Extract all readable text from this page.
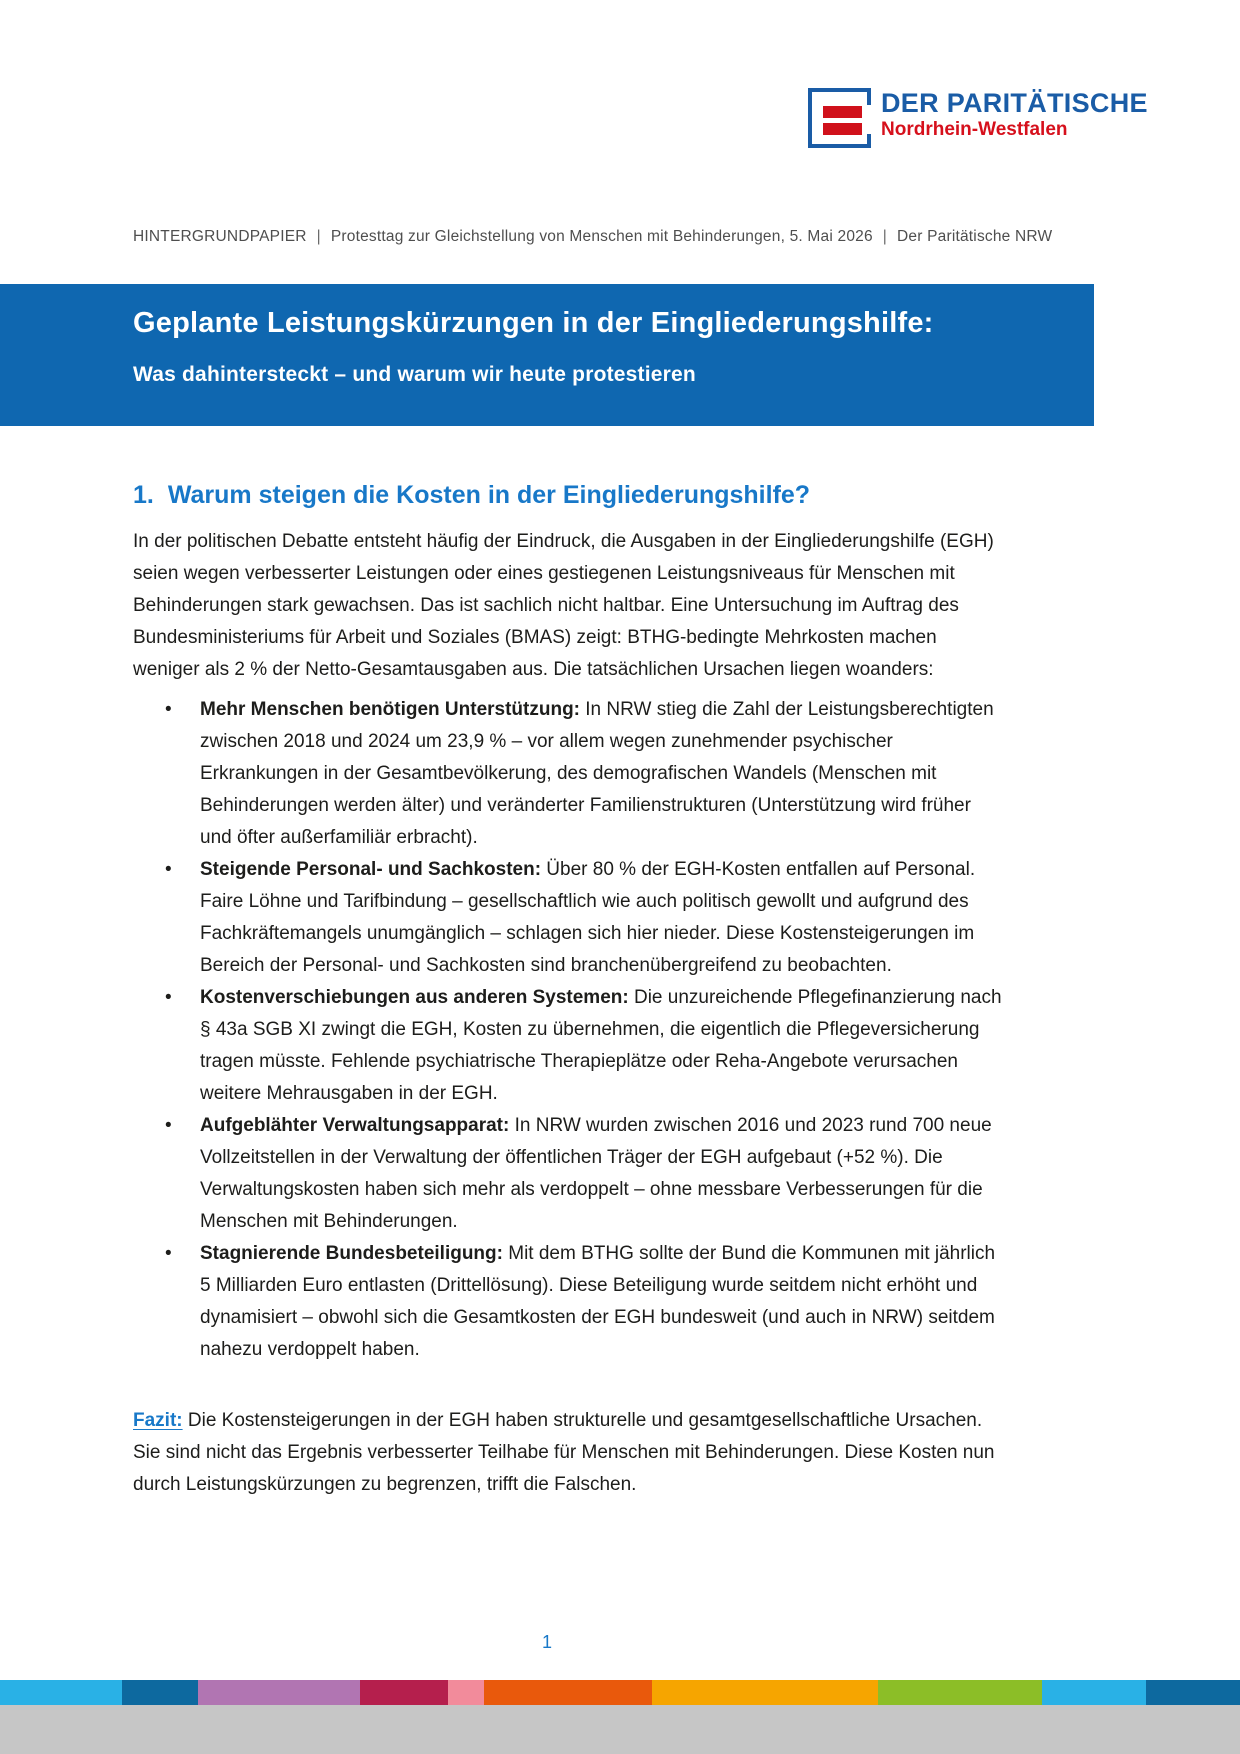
DER PARITÄTISCHE
Nordrhein-Westfalen
HINTERGRUNDPAPIER | Protesttag zur Gleichstellung von Menschen mit Behinderungen, 5. Mai 2026 | Der Paritätische NRW
Geplante Leistungskürzungen in der Eingliederungshilfe:
Was dahintersteckt – und warum wir heute protestieren
1. Warum steigen die Kosten in der Eingliederungshilfe?

In der politischen Debatte entsteht häufig der Eindruck, die Ausgaben in der Eingliederungshilfe (EGH) seien wegen verbesserter Leistungen oder eines gestiegenen Leistungsniveaus für Menschen mit Behinderungen stark gewachsen. Das ist sachlich nicht haltbar. Eine Untersuchung im Auftrag des Bundesministeriums für Arbeit und Soziales (BMAS) zeigt: BTHG-bedingte Mehrkosten machen weniger als 2 % der Netto-Gesamtausgaben aus. Die tatsächlichen Ursachen liegen woanders:

• Mehr Menschen benötigen Unterstützung: In NRW stieg die Zahl der Leistungsberechtigten zwischen 2018 und 2024 um 23,9 % – vor allem wegen zunehmender psychischer Erkrankungen in der Gesamtbevölkerung, des demografischen Wandels (Menschen mit Behinderungen werden älter) und veränderter Familienstrukturen (Unterstützung wird früher und öfter außerfamiliär erbracht).
• Steigende Personal- und Sachkosten: Über 80 % der EGH-Kosten entfallen auf Personal. Faire Löhne und Tarifbindung – gesellschaftlich wie auch politisch gewollt und aufgrund des Fachkräftemangels unumgänglich – schlagen sich hier nieder. Diese Kostensteigerungen im Bereich der Personal- und Sachkosten sind branchenübergreifend zu beobachten.
• Kostenverschiebungen aus anderen Systemen: Die unzureichende Pflegefinanzierung nach § 43a SGB XI zwingt die EGH, Kosten zu übernehmen, die eigentlich die Pflegeversicherung tragen müsste. Fehlende psychiatrische Therapieplätze oder Reha-Angebote verursachen weitere Mehrausgaben in der EGH.
• Aufgeblähter Verwaltungsapparat: In NRW wurden zwischen 2016 und 2023 rund 700 neue Vollzeitstellen in der Verwaltung der öffentlichen Träger der EGH aufgebaut (+52 %). Die Verwaltungskosten haben sich mehr als verdoppelt – ohne messbare Verbesserungen für die Menschen mit Behinderungen.
• Stagnierende Bundesbeteiligung: Mit dem BTHG sollte der Bund die Kommunen mit jährlich 5 Milliarden Euro entlasten (Drittellösung). Diese Beteiligung wurde seitdem nicht erhöht und dynamisiert – obwohl sich die Gesamtkosten der EGH bundesweit (und auch in NRW) seitdem nahezu verdoppelt haben.

Fazit: Die Kostensteigerungen in der EGH haben strukturelle und gesamtgesellschaftliche Ursachen. Sie sind nicht das Ergebnis verbesserter Teilhabe für Menschen mit Behinderungen. Diese Kosten nun durch Leistungskürzungen zu begrenzen, trifft die Falschen.

1
